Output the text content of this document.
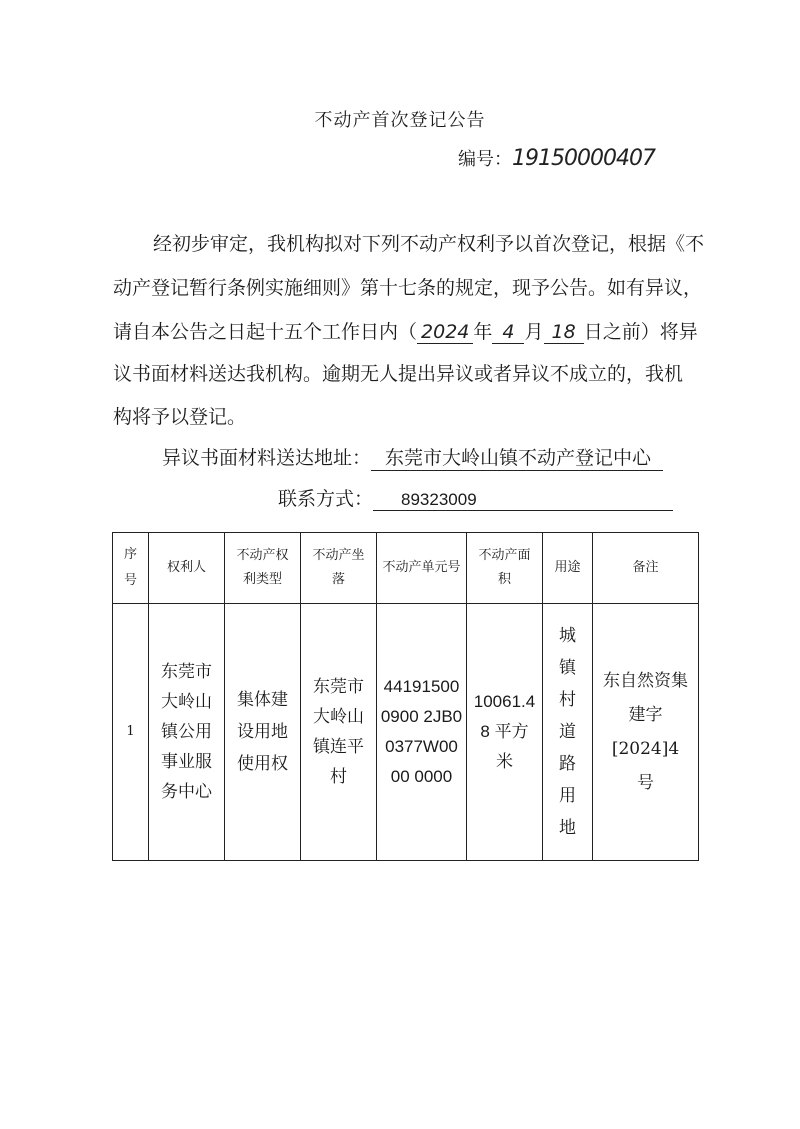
不动产首次登记公告
编号：19150000407
经初步审定，我机构拟对下列不动产权利予以首次登记，根据《不
动产登记暂行条例实施细则》第十七条的规定，现予公告。如有异议，
请自本公告之日起十五个工作日内（ 2024 年 4 月 18 日之前）将异
议书面材料送达我机构。逾期无人提出异议或者异议不成立的，我机
构将予以登记。
异议书面材料送达地址： 东莞市大岭山镇不动产登记中心
联系方式： 89323009
序号	权利人	不动产权利类型	不动产坐落	不动产单元号	不动产面积	用途	备注
1	东莞市大岭山镇公用事业服务中心	集体建设用地使用权	东莞市大岭山镇连平村	441915000900 2JB00377W0000 0000	10061.48 平方米	城镇村道路用地	东自然资集建字[2024]4 号
